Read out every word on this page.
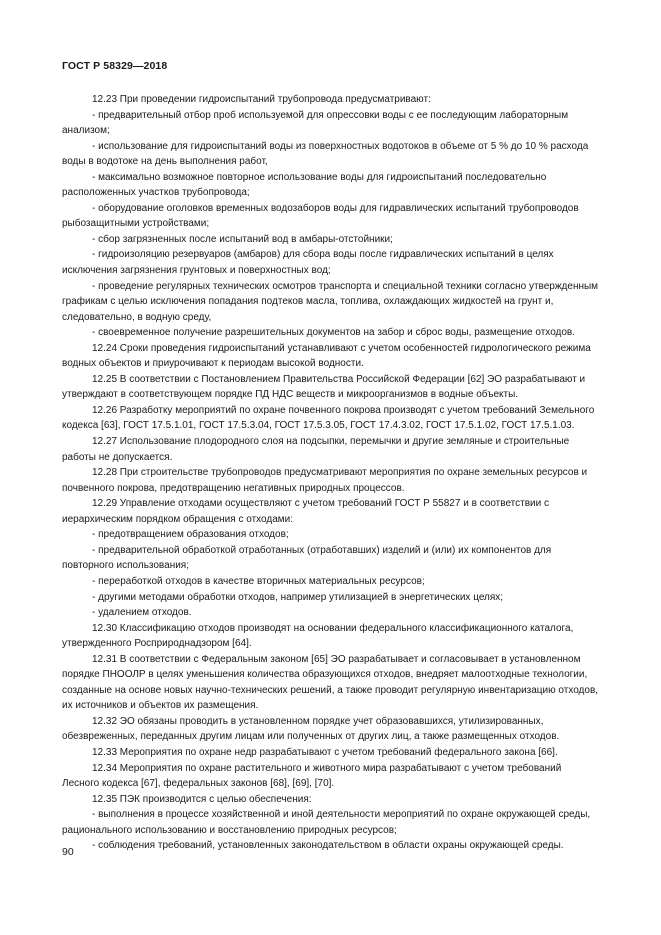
ГОСТ Р 58329—2018

12.23 При проведении гидроиспытаний трубопровода предусматривают:

- предварительный отбор проб используемой для опрессовки воды с ее последующим лабораторным анализом;

- использование для гидроиспытаний воды из поверхностных водотоков в объеме от 5 % до 10 % расхода воды в водотоке на день выполнения работ,

- максимально возможное повторное использование воды для гидроиспытаний последовательно расположенных участков трубопровода;

- оборудование оголовков временных водозаборов воды для гидравлических испытаний трубопроводов рыбозащитными устройствами;

- сбор загрязненных после испытаний вод в амбары-отстойники;

- гидроизоляцию резервуаров (амбаров) для сбора воды после гидравлических испытаний в целях исключения загрязнения грунтовых и поверхностных вод;

- проведение регулярных технических осмотров транспорта и специальной техники согласно утвержденным графикам с целью исключения попадания подтеков масла, топлива, охлаждающих жидкостей на грунт и, следовательно, в водную среду,

- своевременное получение разрешительных документов на забор и сброс воды, размещение отходов.

12.24 Сроки проведения гидроиспытаний устанавливают с учетом особенностей гидрологического режима водных объектов и приурочивают к периодам высокой водности.

12.25 В соответствии с Постановлением Правительства Российской Федерации [62] ЭО разрабатывают и утверждают в соответствующем порядке ПД НДС веществ и микроорганизмов в водные объекты.

12.26 Разработку мероприятий по охране почвенного покрова производят с учетом требований Земельного кодекса [63], ГОСТ 17.5.1.01, ГОСТ 17.5.3.04, ГОСТ 17.5.3.05, ГОСТ 17.4.3.02, ГОСТ 17.5.1.02, ГОСТ 17.5.1.03.

12.27 Использование плодородного слоя на подсыпки, перемычки и другие земляные и строительные работы не допускается.

12.28 При строительстве трубопроводов предусматривают мероприятия по охране земельных ресурсов и почвенного покрова, предотвращению негативных природных процессов.

12.29 Управление отходами осуществляют с учетом требований ГОСТ Р 55827 и в соответствии с иерархическим порядком обращения с отходами:

- предотвращением образования отходов;

- предварительной обработкой отработанных (отработавших) изделий и (или) их компонентов для повторного использования;

- переработкой отходов в качестве вторичных материальных ресурсов;

- другими методами обработки отходов, например утилизацией в энергетических целях;

- удалением отходов.

12.30 Классификацию отходов производят на основании федерального классификационного каталога, утвержденного Росприроднадзором [64].

12.31 В соответствии с Федеральным законом [65] ЭО разрабатывает и согласовывает в установленном порядке ПНООЛР в целях уменьшения количества образующихся отходов, внедряет малоотходные технологии, созданные на основе новых научно-технических решений, а также проводит регулярную инвентаризацию отходов, их источников и объектов их размещения.

12.32 ЭО обязаны проводить в установленном порядке учет образовавшихся, утилизированных, обезвреженных, переданных другим лицам или полученных от других лиц, а также размещенных отходов.

12.33 Мероприятия по охране недр разрабатывают с учетом требований федерального закона [66].

12.34 Мероприятия по охране растительного и животного мира разрабатывают с учетом требований Лесного кодекса [67], федеральных законов [68], [69], [70].

12.35 ПЭК производится с целью обеспечения:

- выполнения в процессе хозяйственной и иной деятельности мероприятий по охране окружающей среды, рационального использованию и восстановлению природных ресурсов;

- соблюдения требований, установленных законодательством в области охраны окружающей среды.

90
